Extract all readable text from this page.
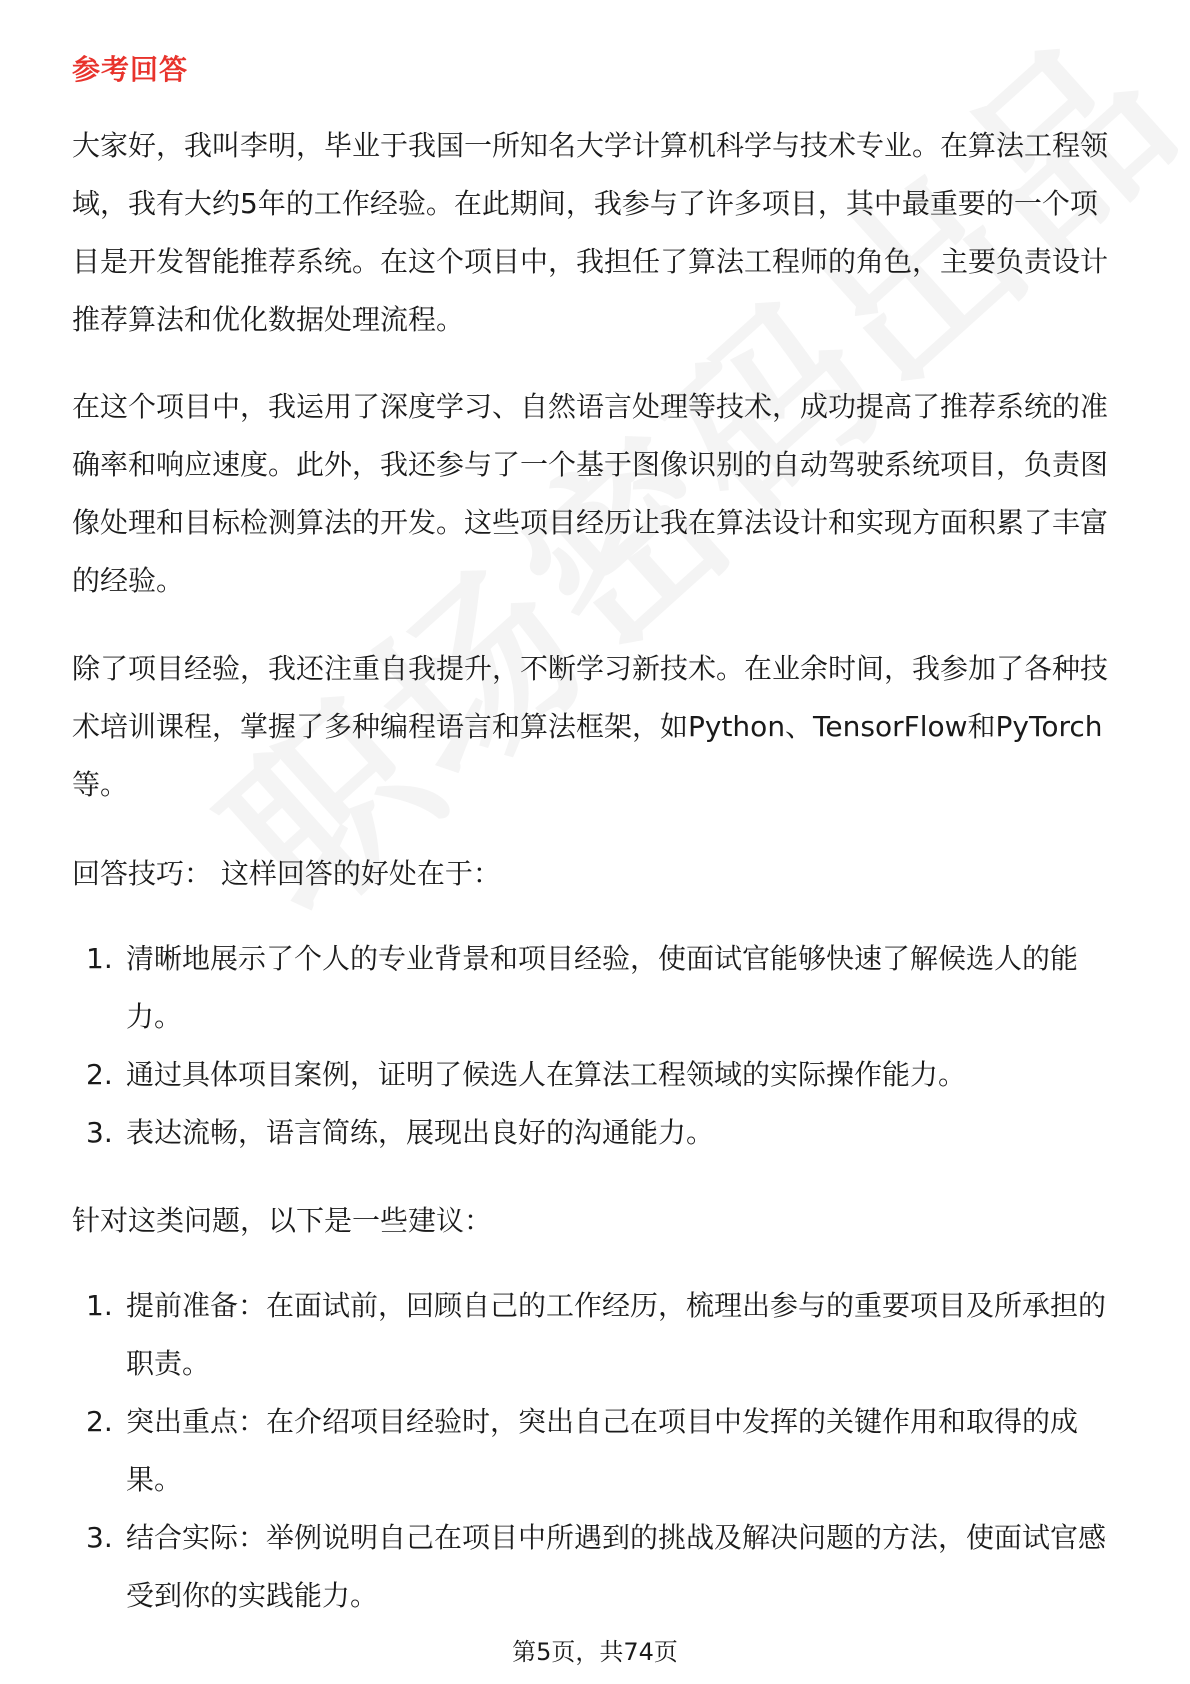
参考回答

大家好，我叫李明，毕业于我国一所知名大学计算机科学与技术专业。在算法工程领域，我有大约5年的工作经验。在此期间，我参与了许多项目，其中最重要的一个项目是开发智能推荐系统。在这个项目中，我担任了算法工程师的角色，主要负责设计推荐算法和优化数据处理流程。

在这个项目中，我运用了深度学习、自然语言处理等技术，成功提高了推荐系统的准确率和响应速度。此外，我还参与了一个基于图像识别的自动驾驶系统项目，负责图像处理和目标检测算法的开发。这些项目经历让我在算法设计和实现方面积累了丰富的经验。

除了项目经验，我还注重自我提升，不断学习新技术。在业余时间，我参加了各种技术培训课程，掌握了多种编程语言和算法框架，如Python、TensorFlow和PyTorch等。

回答技巧： 这样回答的好处在于：

1. 清晰地展示了个人的专业背景和项目经验，使面试官能够快速了解候选人的能力。
2. 通过具体项目案例，证明了候选人在算法工程领域的实际操作能力。
3. 表达流畅，语言简练，展现出良好的沟通能力。

针对这类问题，以下是一些建议：

1. 提前准备：在面试前，回顾自己的工作经历，梳理出参与的重要项目及所承担的职责。
2. 突出重点：在介绍项目经验时，突出自己在项目中发挥的关键作用和取得的成果。
3. 结合实际：举例说明自己在项目中所遇到的挑战及解决问题的方法，使面试官感受到你的实践能力。
第5页，共74页
